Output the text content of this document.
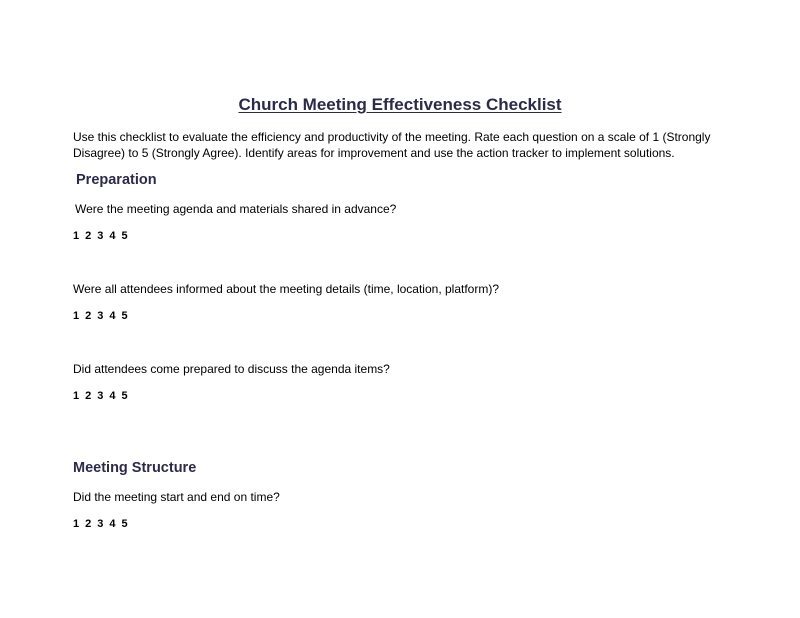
Church Meeting Effectiveness Checklist
Use this checklist to evaluate the efficiency and productivity of the meeting. Rate each question on a scale of 1 (Strongly Disagree) to 5 (Strongly Agree). Identify areas for improvement and use the action tracker to implement solutions.
Preparation
Were the meeting agenda and materials shared in advance?
1 2 3 4 5
Were all attendees informed about the meeting details (time, location, platform)?
1 2 3 4 5
Did attendees come prepared to discuss the agenda items?
1 2 3 4 5
Meeting Structure
Did the meeting start and end on time?
1 2 3 4 5
